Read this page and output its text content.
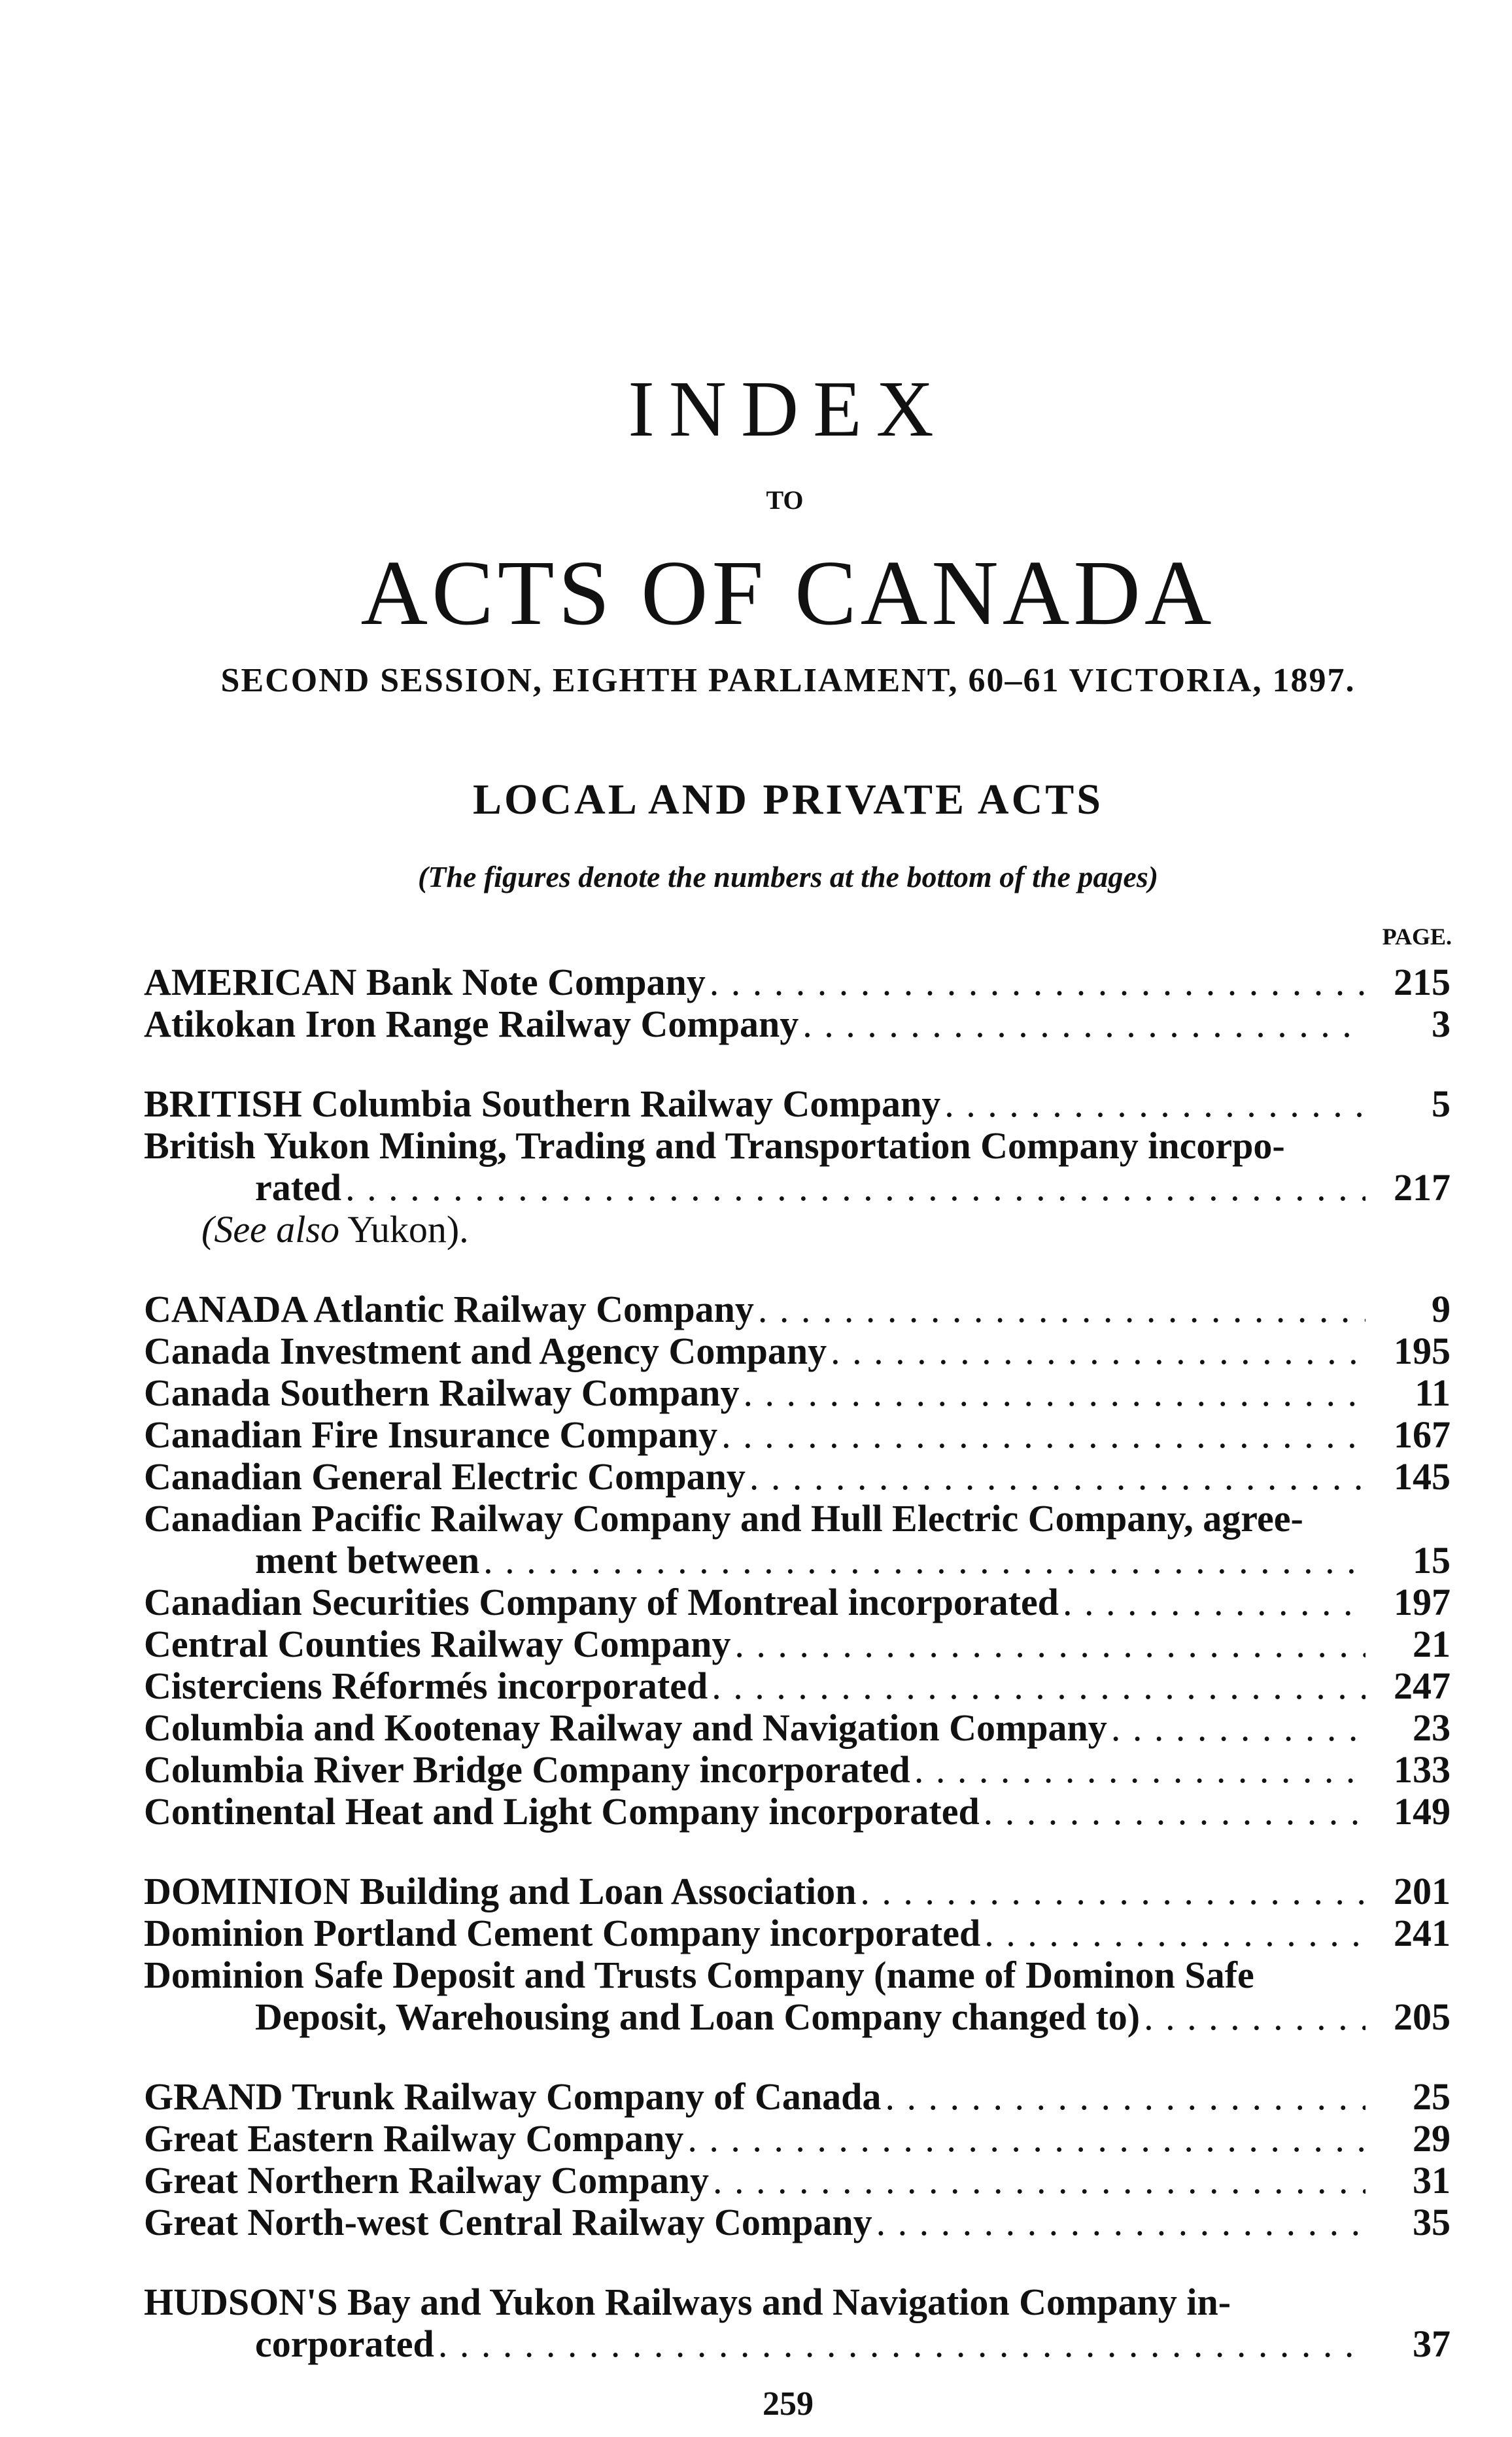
INDEX
TO
ACTS OF CANADA
SECOND SESSION, EIGHTH PARLIAMENT, 60–61 VICTORIA, 1897.
LOCAL AND PRIVATE ACTS
(The figures denote the numbers at the bottom of the pages)
PAGE.
AMERICAN Bank Note Company . . .	215
Atikokan Iron Range Railway Company . . .	3
BRITISH Columbia Southern Railway Company . . .	5
British Yukon Mining, Trading and Transportation Company incorpo-
rated . . .	217
(See also Yukon).
CANADA Atlantic Railway Company . . .	9
Canada Investment and Agency Company . . .	195
Canada Southern Railway Company . . .	11
Canadian Fire Insurance Company . . .	167
Canadian General Electric Company . . .	145
Canadian Pacific Railway Company and Hull Electric Company, agree-
ment between . . .	15
Canadian Securities Company of Montreal incorporated . . .	197
Central Counties Railway Company . . .	21
Cisterciens Réformés incorporated . . .	247
Columbia and Kootenay Railway and Navigation Company . . .	23
Columbia River Bridge Company incorporated . . .	133
Continental Heat and Light Company incorporated . . .	149
DOMINION Building and Loan Association . . .	201
Dominion Portland Cement Company incorporated . . .	241
Dominion Safe Deposit and Trusts Company (name of Dominon Safe
Deposit, Warehousing and Loan Company changed to) . . .	205
GRAND Trunk Railway Company of Canada . . .	25
Great Eastern Railway Company . . .	29
Great Northern Railway Company . . .	31
Great North-west Central Railway Company . . .	35
HUDSON'S Bay and Yukon Railways and Navigation Company in-
corporated . . .	37
259
